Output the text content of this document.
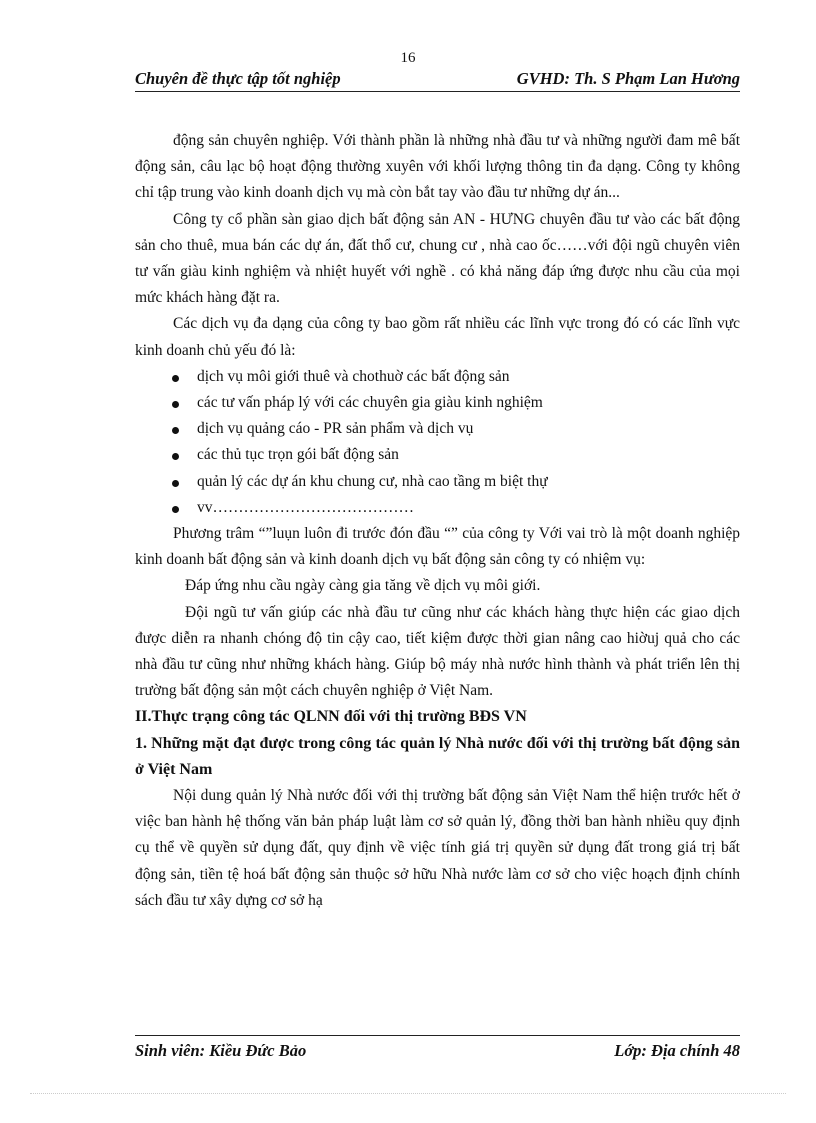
16
Chuyên đề thực tập tốt nghiệp	GVHD: Th. S Phạm Lan Hương

động sản chuyên nghiệp. Với thành phần là những nhà đầu tư và những người đam mê bất động sản, câu lạc bộ hoạt động thường xuyên với khối lượng thông tin đa dạng. Công ty không chỉ tập trung vào kinh doanh dịch vụ mà còn bắt tay vào đầu tư những dự án...

Công ty cổ phần sàn giao dịch bất động sản AN - HƯNG chuyên đầu tư vào các bất động sản cho thuê, mua bán các dự án, đất thổ cư, chung cư , nhà cao ốc……với đội ngũ chuyên viên tư vấn giàu kinh nghiệm và nhiệt huyết với nghề . có khả năng đáp ứng được nhu cầu của mọi mức khách hàng đặt ra.

Các dịch vụ đa dạng của công ty bao gồm rất nhiều các lĩnh vực trong đó có các lĩnh vực kinh doanh chủ yếu đó là:

dịch vụ môi giới thuê và chothuờ các bất động sản
các tư vấn pháp lý với các chuyên gia giàu kinh nghiệm
dịch vụ quảng cáo - PR sản phẩm và dịch vụ
các thủ tục trọn gói bất động sản
quản lý các dự án khu chung cư, nhà cao tầng m biệt thự
vv…………………………………

Phương trâm “”luụn luôn đi trước đón đầu “” của công ty Với vai trò là một doanh nghiệp kinh doanh bất động sản và kinh doanh dịch vụ bất động sản công ty có nhiệm vụ:

Đáp ứng nhu cầu ngày càng gia tăng về dịch vụ môi giới.

Đội ngũ tư vấn giúp các nhà đầu tư cũng như các khách hàng thực hiện các giao dịch được diễn ra nhanh chóng độ tin cậy cao, tiết kiệm được thời gian nâng cao hiờuj quả cho các nhà đầu tư cũng như những khách hàng. Giúp bộ máy nhà nước hình thành và phát triển lên thị trường bất động sản một cách chuyên nghiệp ở Việt Nam.

II.Thực trạng công tác QLNN đối với thị trường BĐS VN

1. Những mặt đạt được trong công tác quản lý Nhà nước đối với thị trường bất động sản ở Việt Nam

Nội dung quản lý Nhà nước đối với thị trường bất động sản Việt Nam thể hiện trước hết ở việc ban hành hệ thống văn bản pháp luật làm cơ sở quản lý, đồng thời ban hành nhiều quy định cụ thể về quyền sử dụng đất, quy định về việc tính giá trị quyền sử dụng đất trong giá trị bất động sản, tiền tệ hoá bất động sản thuộc sở hữu Nhà nước làm cơ sở cho việc hoạch định chính sách đầu tư xây dựng cơ sở hạ

Sinh viên: Kiều Đức Bảo	Lớp: Địa chính 48
